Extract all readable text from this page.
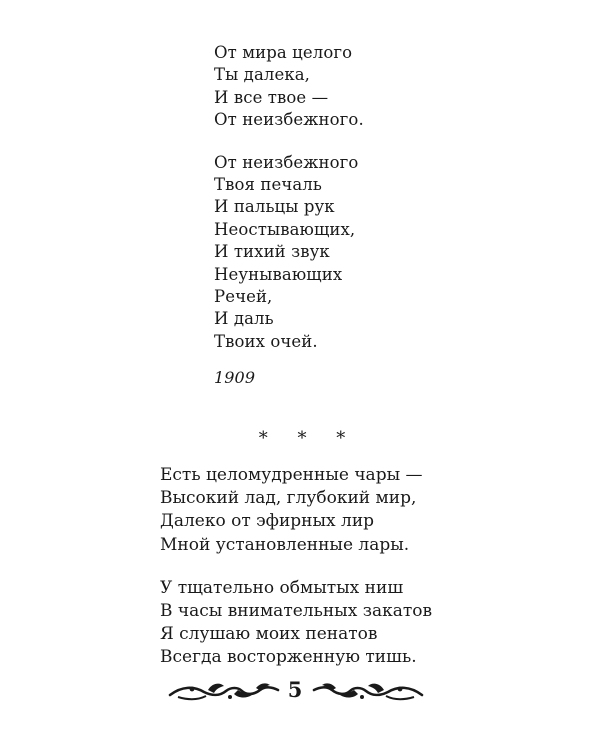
От мира целого
Ты далека,
И все твое —
От неизбежного.

От неизбежного
Твоя печаль
И пальцы рук
Неостывающих,
И тихий звук
Неунывающих
Речей,
И даль
Твоих очей.

1909
* * *

Есть целомудренные чары —
Высокий лад, глубокий мир,
Далеко от эфирных лир
Мной установленные лары.

У тщательно обмытых ниш
В часы внимательных закатов
Я слушаю моих пенатов
Всегда восторженную тишь.

5
